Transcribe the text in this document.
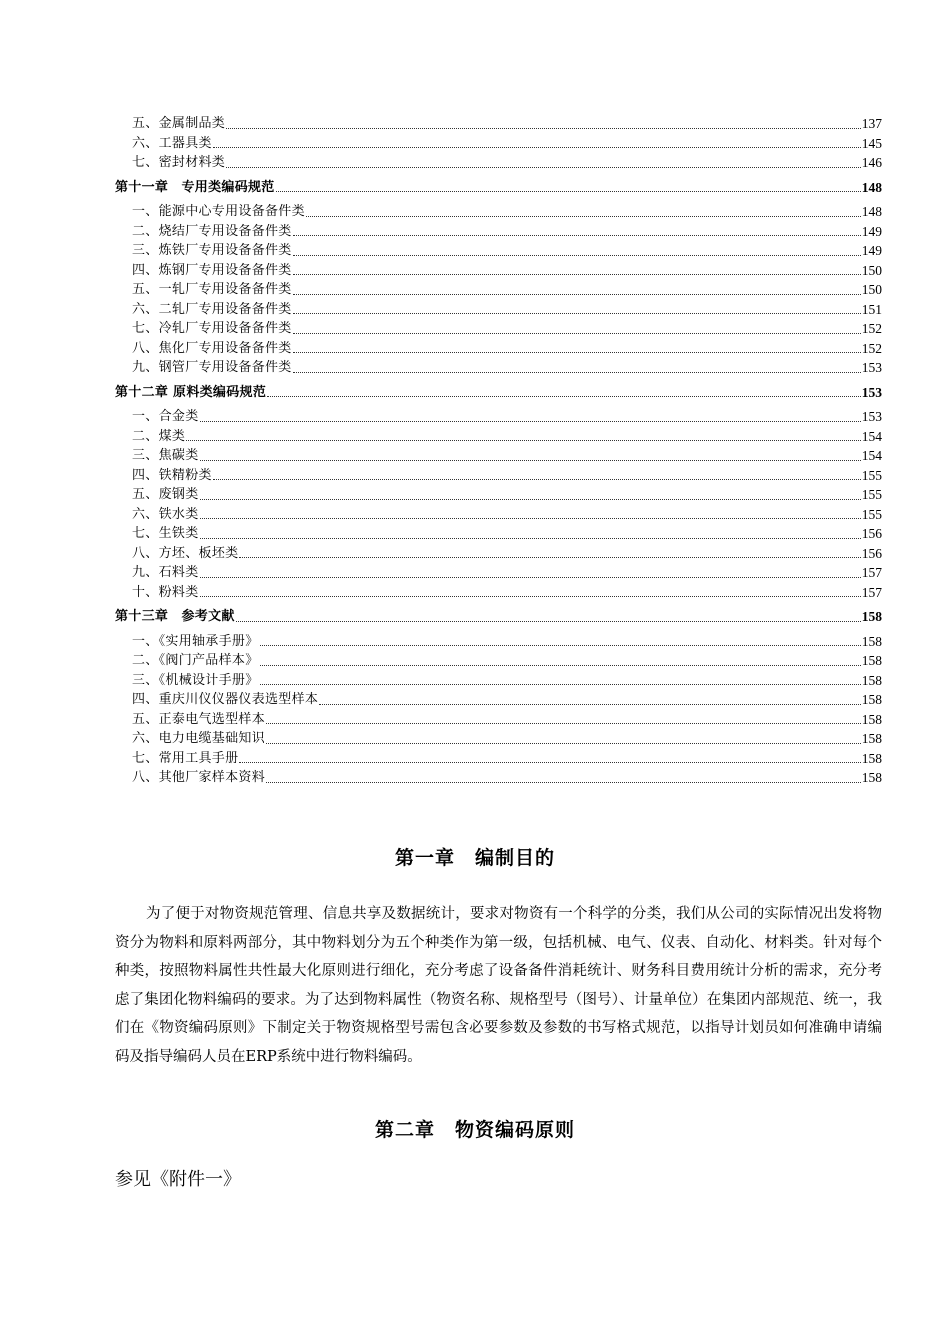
五、金属制品类	137
六、工器具类	145
七、密封材料类	146
第十一章　专用类编码规范	148
一、能源中心专用设备备件类	148
二、烧结厂专用设备备件类	149
三、炼铁厂专用设备备件类	149
四、炼钢厂专用设备备件类	150
五、一轧厂专用设备备件类	150
六、二轧厂专用设备备件类	151
七、冷轧厂专用设备备件类	152
八、焦化厂专用设备备件类	152
九、钢管厂专用设备备件类	153
第十二章 原料类编码规范	153
一、合金类	153
二、煤类	154
三、焦碳类	154
四、铁精粉类	155
五、废钢类	155
六、铁水类	155
七、生铁类	156
八、方坯、板坯类	156
九、石料类	157
十、粉料类	157
第十三章　参考文献	158
一、《实用轴承手册》	158
二、《阀门产品样本》	158
三、《机械设计手册》	158
四、重庆川仪仪器仪表选型样本	158
五、正泰电气选型样本	158
六、电力电缆基础知识	158
七、常用工具手册	158
八、其他厂家样本资料	158
第一章　编制目的

为了便于对物资规范管理、信息共享及数据统计，要求对物资有一个科学的分类，我们从公司的实际情况出发将物资分为物料和原料两部分，其中物料划分为五个种类作为第一级，包括机械、电气、仪表、自动化、材料类。针对每个种类，按照物料属性共性最大化原则进行细化，充分考虑了设备备件消耗统计、财务科目费用统计分析的需求，充分考虑了集团化物料编码的要求。为了达到物料属性（物资名称、规格型号（图号）、计量单位）在集团内部规范、统一，我们在《物资编码原则》下制定关于物资规格型号需包含必要参数及参数的书写格式规范，以指导计划员如何准确申请编码及指导编码人员在ERP系统中进行物料编码。

第二章　物资编码原则

参见《附件一》
